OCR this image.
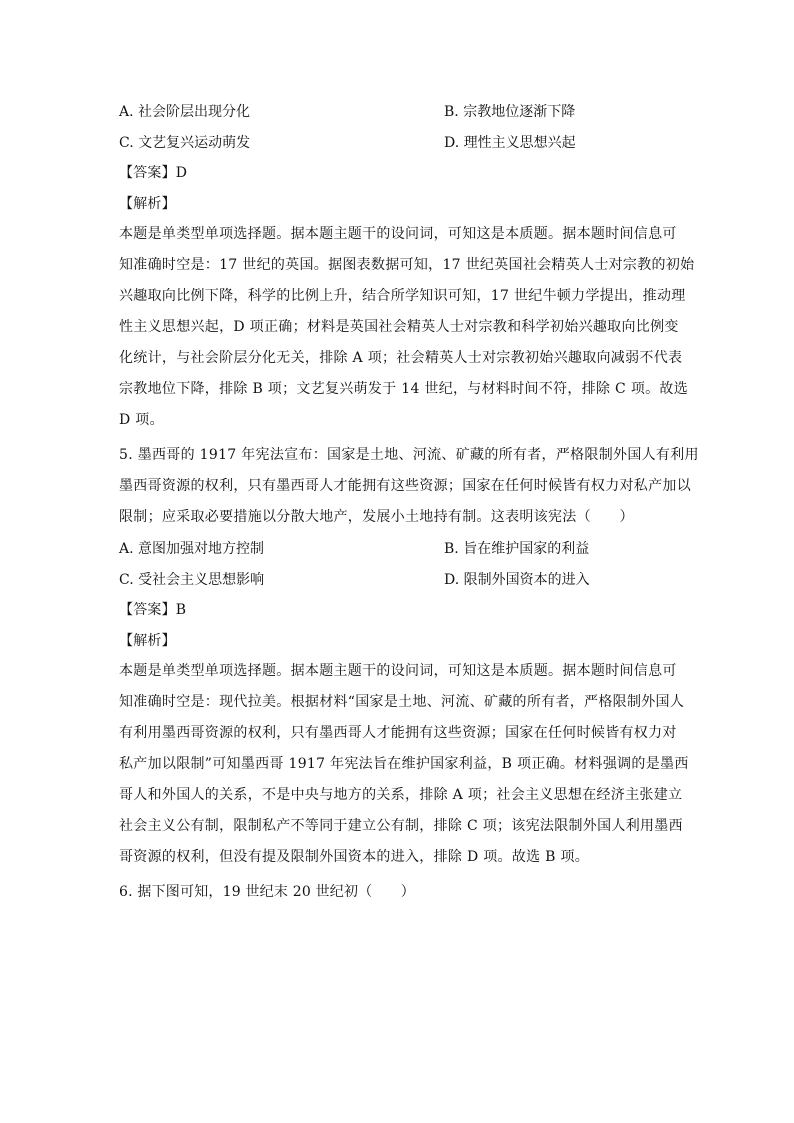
A. 社会阶层出现分化	B. 宗教地位逐渐下降
C. 文艺复兴运动萌发	D. 理性主义思想兴起
【答案】D
【解析】
本题是单类型单项选择题。据本题主题干的设问词，可知这是本质题。据本题时间信息可
知准确时空是：17 世纪的英国。据图表数据可知，17 世纪英国社会精英人士对宗教的初始
兴趣取向比例下降，科学的比例上升，结合所学知识可知，17 世纪牛顿力学提出，推动理
性主义思想兴起，D 项正确；材料是英国社会精英人士对宗教和科学初始兴趣取向比例变
化统计，与社会阶层分化无关，排除 A 项；社会精英人士对宗教初始兴趣取向减弱不代表
宗教地位下降，排除 B 项；文艺复兴萌发于 14 世纪，与材料时间不符，排除 C 项。故选
D 项。
5. 墨西哥的 1917 年宪法宣布：国家是土地、河流、矿藏的所有者，严格限制外国人有利用
墨西哥资源的权利，只有墨西哥人才能拥有这些资源；国家在任何时候皆有权力对私产加以
限制；应采取必要措施以分散大地产，发展小土地持有制。这表明该宪法（　　）
A. 意图加强对地方控制	B. 旨在维护国家的利益
C. 受社会主义思想影响	D. 限制外国资本的进入
【答案】B
【解析】
本题是单类型单项选择题。据本题主题干的设问词，可知这是本质题。据本题时间信息可
知准确时空是：现代拉美。根据材料“国家是土地、河流、矿藏的所有者，严格限制外国人
有利用墨西哥资源的权利，只有墨西哥人才能拥有这些资源；国家在任何时候皆有权力对
私产加以限制”可知墨西哥 1917 年宪法旨在维护国家利益，B 项正确。材料强调的是墨西
哥人和外国人的关系，不是中央与地方的关系，排除 A 项；社会主义思想在经济主张建立
社会主义公有制，限制私产不等同于建立公有制，排除 C 项；该宪法限制外国人利用墨西
哥资源的权利，但没有提及限制外国资本的进入，排除 D 项。故选 B 项。
6. 据下图可知，19 世纪末 20 世纪初（　　）
